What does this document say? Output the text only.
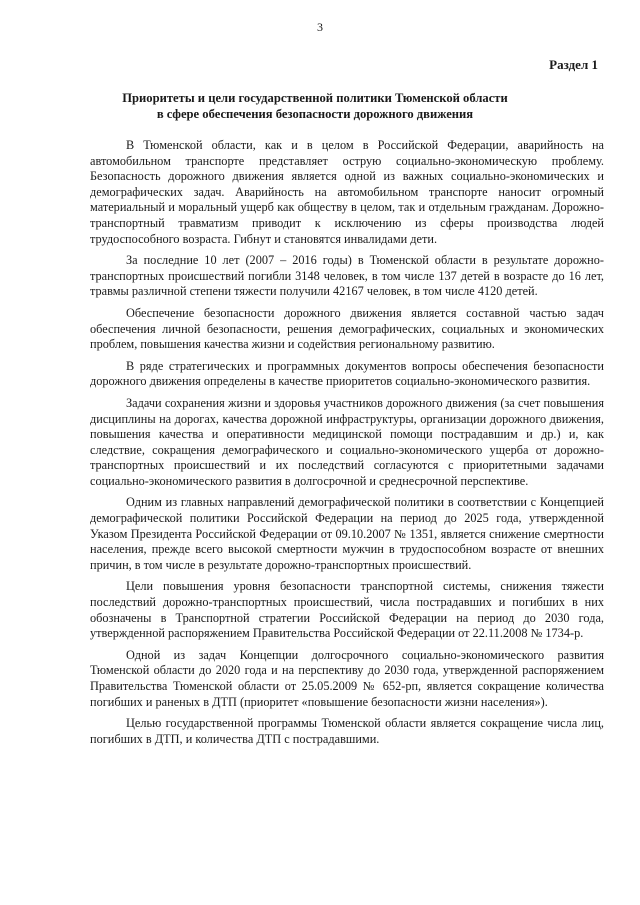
3
Раздел 1
Приоритеты и цели государственной политики Тюменской области
в сфере обеспечения безопасности дорожного движения

В Тюменской области, как и в целом в Российской Федерации, аварийность на автомобильном транспорте представляет острую социально-экономическую проблему. Безопасность дорожного движения является одной из важных социально-экономических и демографических задач. Аварийность на автомобильном транспорте наносит огромный материальный и моральный ущерб как обществу в целом, так и отдельным гражданам. Дорожно-транспортный травматизм приводит к исключению из сферы производства людей трудоспособного возраста. Гибнут и становятся инвалидами дети.

За последние 10 лет (2007 – 2016 годы) в Тюменской области в результате дорожно-транспортных происшествий погибли 3148 человек, в том числе 137 детей в возрасте до 16 лет, травмы различной степени тяжести получили 42167 человек, в том числе 4120 детей.

Обеспечение безопасности дорожного движения является составной частью задач обеспечения личной безопасности, решения демографических, социальных и экономических проблем, повышения качества жизни и содействия региональному развитию.

В ряде стратегических и программных документов вопросы обеспечения безопасности дорожного движения определены в качестве приоритетов социально-экономического развития.

Задачи сохранения жизни и здоровья участников дорожного движения (за счет повышения дисциплины на дорогах, качества дорожной инфраструктуры, организации дорожного движения, повышения качества и оперативности медицинской помощи пострадавшим и др.) и, как следствие, сокращения демографического и социально-экономического ущерба от дорожно-транспортных происшествий и их последствий согласуются с приоритетными задачами социально-экономического развития в долгосрочной и среднесрочной перспективе.

Одним из главных направлений демографической политики в соответствии с Концепцией демографической политики Российской Федерации на период до 2025 года, утвержденной Указом Президента Российской Федерации от 09.10.2007 № 1351, является снижение смертности населения, прежде всего высокой смертности мужчин в трудоспособном возрасте от внешних причин, в том числе в результате дорожно-транспортных происшествий.

Цели повышения уровня безопасности транспортной системы, снижения тяжести последствий дорожно-транспортных происшествий, числа пострадавших и погибших в них обозначены в Транспортной стратегии Российской Федерации на период до 2030 года, утвержденной распоряжением Правительства Российской Федерации от 22.11.2008 № 1734-р.

Одной из задач Концепции долгосрочного социально-экономического развития Тюменской области до 2020 года и на перспективу до 2030 года, утвержденной распоряжением Правительства Тюменской области от 25.05.2009 № 652-рп, является сокращение количества погибших и раненых в ДТП (приоритет «повышение безопасности жизни населения»).

Целью государственной программы Тюменской области является сокращение числа лиц, погибших в ДТП, и количества ДТП с пострадавшими.
